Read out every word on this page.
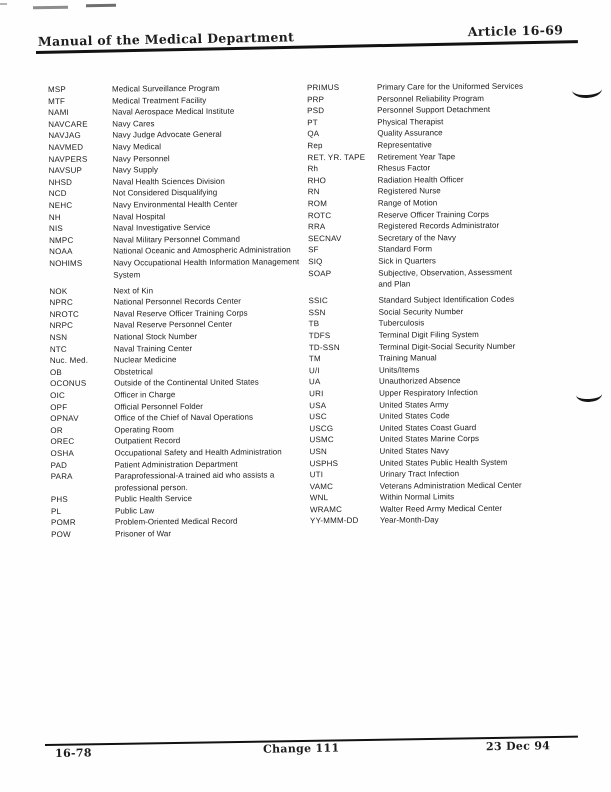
Manual of the Medical Department	Article 16-69
MSP	Medical Surveillance Program
MTF	Medical Treatment Facility
NAMI	Naval Aerospace Medical Institute
NAVCARE	Navy Cares
NAVJAG	Navy Judge Advocate General
NAVMED	Navy Medical
NAVPERS	Navy Personnel
NAVSUP	Navy Supply
NHSD	Naval Health Sciences Division
NCD	Not Considered Disqualifying
NEHC	Navy Environmental Health Center
NH	Naval Hospital
NIS	Naval Investigative Service
NMPC	Naval Military Personnel Command
NOAA	National Oceanic and Atmospheric Administration
NOHIMS	Navy Occupational Health Information Management
System
NOK	Next of Kin
NPRC	National Personnel Records Center
NROTC	Naval Reserve Officer Training Corps
NRPC	Naval Reserve Personnel Center
NSN	National Stock Number
NTC	Naval Training Center
Nuc. Med.	Nuclear Medicine
OB	Obstetrical
OCONUS	Outside of the Continental United States
OIC	Officer in Charge
OPF	Official Personnel Folder
OPNAV	Office of the Chief of Naval Operations
OR	Operating Room
OREC	Outpatient Record
OSHA	Occupational Safety and Health Administration
PAD	Patient Administration Department
PARA	Paraprofessional-A trained aid who assists a
professional person.
PHS	Public Health Service
PL	Public Law
POMR	Problem-Oriented Medical Record
POW	Prisoner of War
PRIMUS	Primary Care for the Uniformed Services
PRP	Personnel Reliability Program
PSD	Personnel Support Detachment
PT	Physical Therapist
QA	Quality Assurance
Rep	Representative
RET. YR. TAPE	Retirement Year Tape
Rh	Rhesus Factor
RHO	Radiation Health Officer
RN	Registered Nurse
ROM	Range of Motion
ROTC	Reserve Officer Training Corps
RRA	Registered Records Administrator
SECNAV	Secretary of the Navy
SF	Standard Form
SIQ	Sick in Quarters
SOAP	Subjective, Observation, Assessment
and Plan
SSIC	Standard Subject Identification Codes
SSN	Social Security Number
TB	Tuberculosis
TDFS	Terminal Digit Filing System
TD-SSN	Terminal Digit-Social Security Number
TM	Training Manual
U/I	Units/Items
UA	Unauthorized Absence
URI	Upper Respiratory Infection
USA	United States Army
USC	United States Code
USCG	United States Coast Guard
USMC	United States Marine Corps
USN	United States Navy
USPHS	United States Public Health System
UTI	Urinary Tract Infection
VAMC	Veterans Administration Medical Center
WNL	Within Normal Limits
WRAMC	Walter Reed Army Medical Center
YY-MMM-DD	Year-Month-Day
16-78	Change 111	23 Dec 94
